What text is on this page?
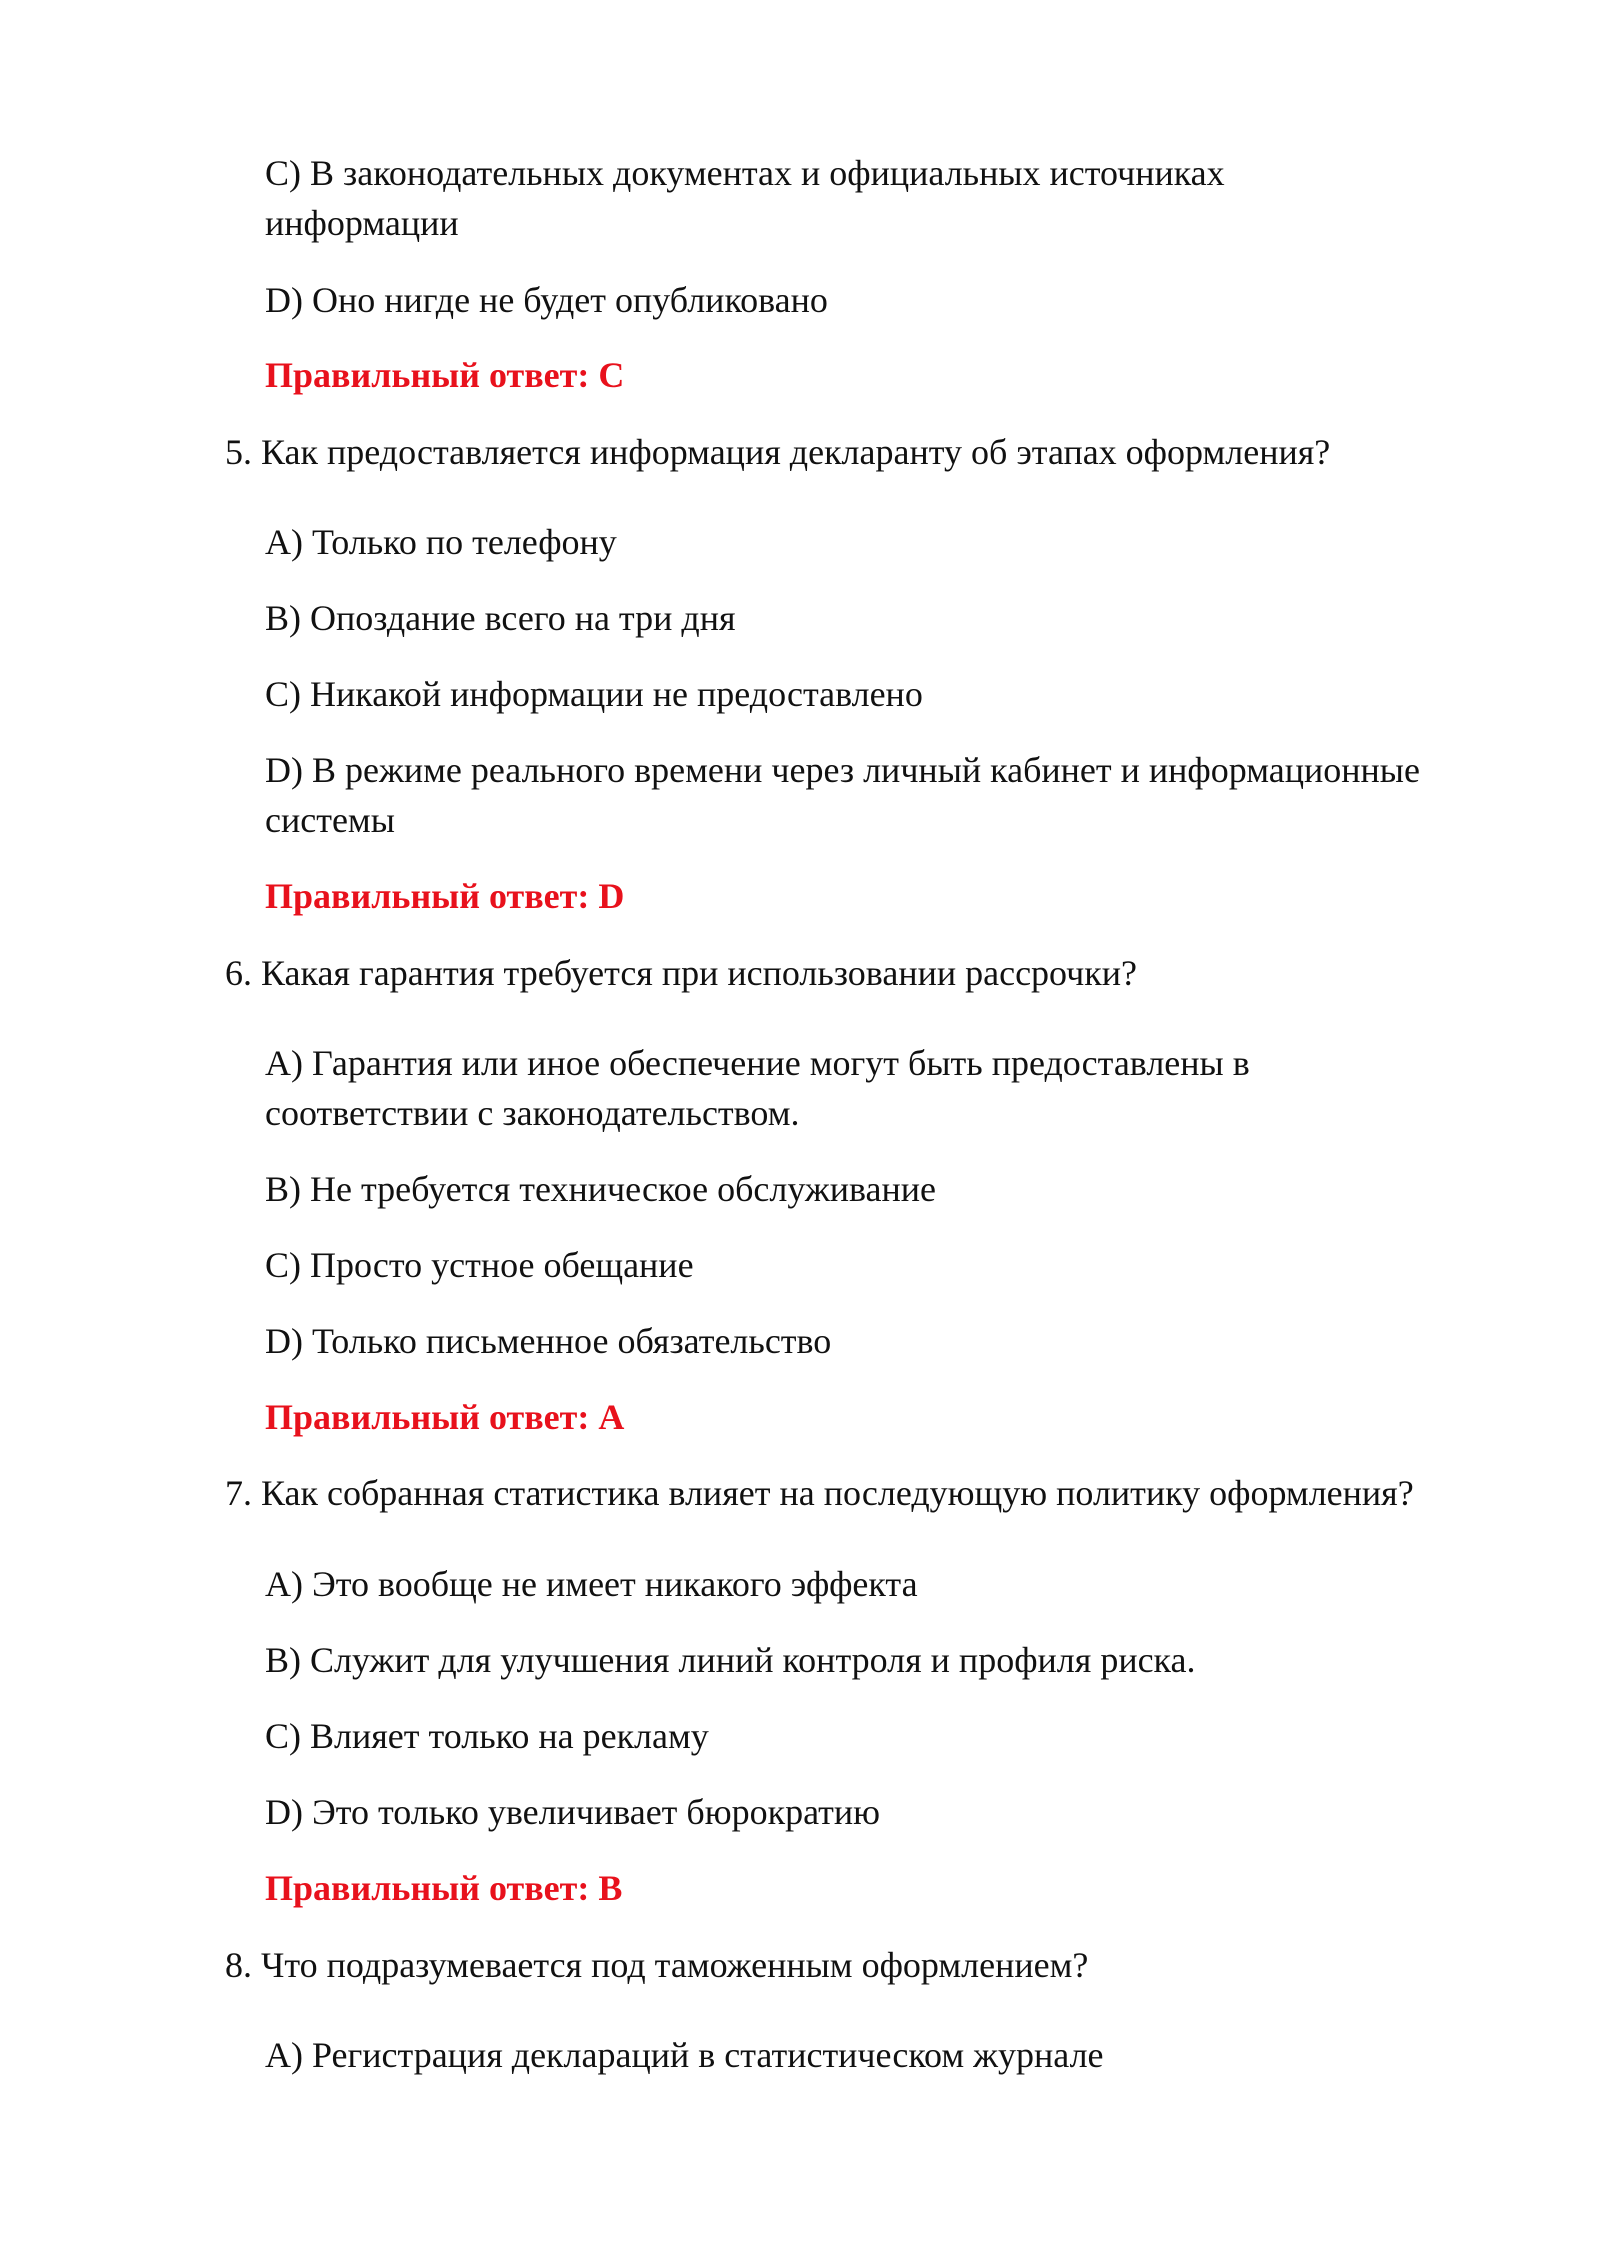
C) В законодательных документах и официальных источниках
информации
D) Оно нигде не будет опубликовано
Правильный ответ: C
5. Как предоставляется информация декларанту об этапах оформления?
A) Только по телефону
B) Опоздание всего на три дня
C) Никакой информации не предоставлено
D) В режиме реального времени через личный кабинет и информационные
системы
Правильный ответ: D
6. Какая гарантия требуется при использовании рассрочки?
A) Гарантия или иное обеспечение могут быть предоставлены в
соответствии с законодательством.
B) Не требуется техническое обслуживание
C) Просто устное обещание
D) Только письменное обязательство
Правильный ответ: A
7. Как собранная статистика влияет на последующую политику оформления?
A) Это вообще не имеет никакого эффекта
B) Служит для улучшения линий контроля и профиля риска.
C) Влияет только на рекламу
D) Это только увеличивает бюрократию
Правильный ответ: B
8. Что подразумевается под таможенным оформлением?
A) Регистрация деклараций в статистическом журнале
